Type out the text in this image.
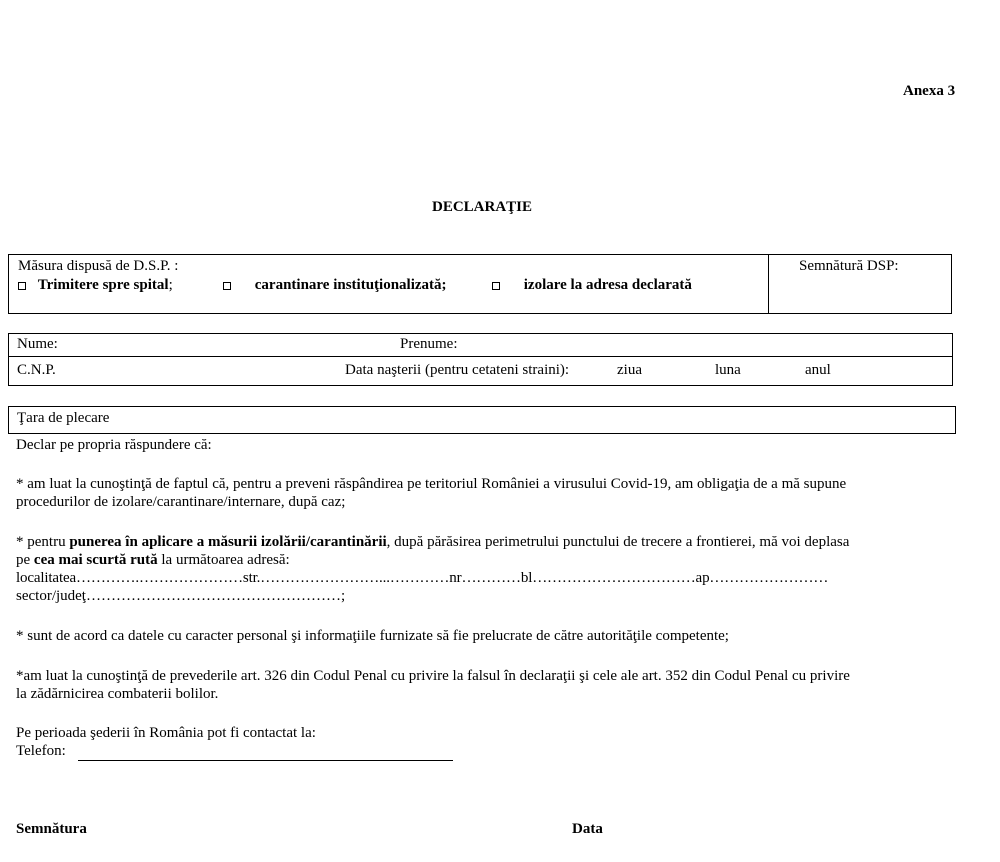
Anexa 3
DECLARAŢIE
Măsura dispusă de D.S.P. :
Trimitere spre spital;	carantinare instituţionalizată;	izolare la adresa declarată
Semnătură DSP:
Nume:	Prenume:
C.N.P.	Data naşterii (pentru cetateni straini):	ziua	luna	anul
Ţara de plecare
Declar pe propria răspundere că:
* am luat la cunoştinţă de faptul că, pentru a preveni răspândirea pe teritoriul României a virusului Covid-19, am obligaţia de a mă supune
procedurilor de izolare/carantinare/internare, după caz;
* pentru punerea în aplicare a măsurii izolării/carantinării, după părăsirea perimetrului punctului de trecere a frontierei, mă voi deplasa
pe cea mai scurtă rută la următoarea adresă:
localitatea………….…………………str.……………………...…………nr…………bl……………………………ap……………………
sector/judeţ……………………………………………;
* sunt de acord ca datele cu caracter personal şi informaţiile furnizate să fie prelucrate de către autorităţile competente;
*am luat la cunoştinţă de prevederile art. 326 din Codul Penal cu privire la falsul în declaraţii şi cele ale art. 352 din Codul Penal cu privire
la zădărnicirea combaterii bolilor.
Pe perioada şederii în România pot fi contactat la:
Telefon:
Semnătura	Data
